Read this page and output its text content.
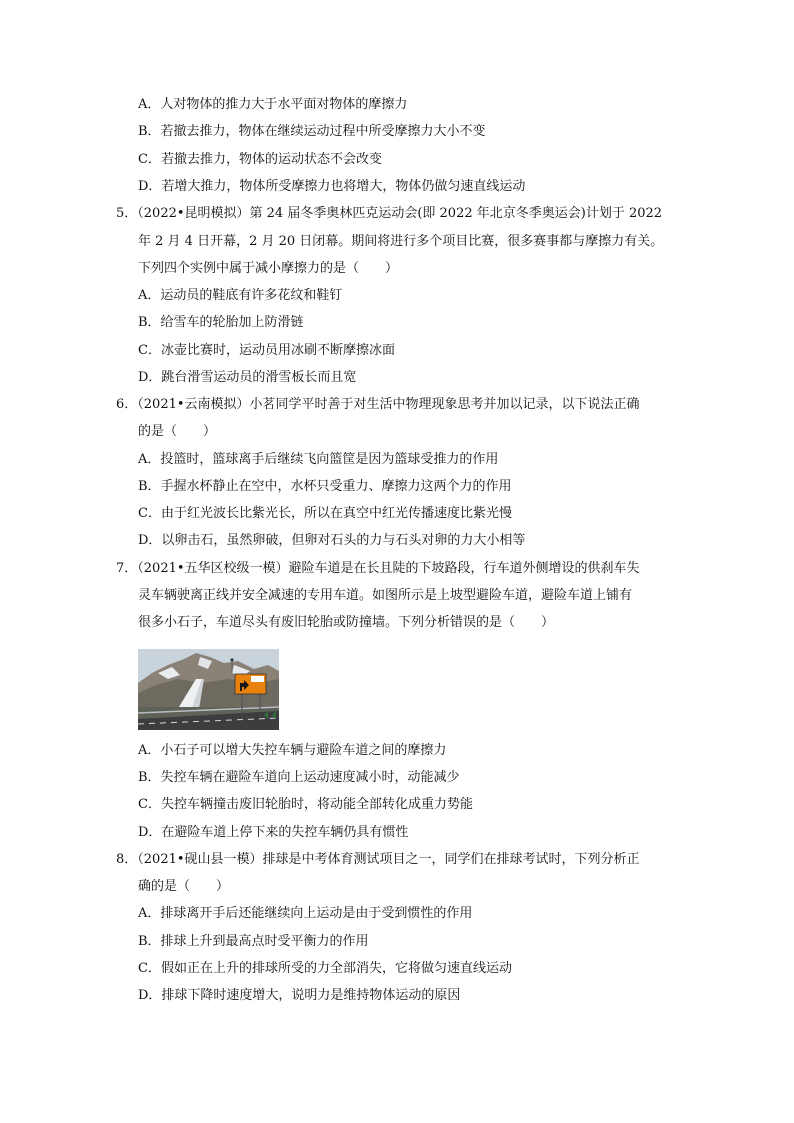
A．人对物体的推力大于水平面对物体的摩擦力
B．若撤去推力，物体在继续运动过程中所受摩擦力大小不变
C．若撤去推力，物体的运动状态不会改变
D．若增大推力，物体所受摩擦力也将增大，物体仍做匀速直线运动
5．（2022•昆明模拟）第 24 届冬季奥林匹克运动会(即 2022 年北京冬季奥运会)计划于 2022
年 2 月 4 日开幕，2 月 20 日闭幕。期间将进行多个项目比赛，很多赛事都与摩擦力有关。
下列四个实例中属于减小摩擦力的是（　　）
A．运动员的鞋底有许多花纹和鞋钉
B．给雪车的轮胎加上防滑链
C．冰壶比赛时，运动员用冰刷不断摩擦冰面
D．跳台滑雪运动员的滑雪板长而且宽
6．（2021•云南模拟）小茗同学平时善于对生活中物理现象思考并加以记录，以下说法正确
的是（　　）
A．投篮时，篮球离手后继续飞向篮筐是因为篮球受推力的作用
B．手握水杯静止在空中，水杯只受重力、摩擦力这两个力的作用
C．由于红光波长比紫光长，所以在真空中红光传播速度比紫光慢
D．以卵击石，虽然卵破，但卵对石头的力与石头对卵的力大小相等
7．（2021•五华区校级一模）避险车道是在长且陡的下坡路段，行车道外侧增设的供刹车失
灵车辆驶离正线并安全减速的专用车道。如图所示是上坡型避险车道，避险车道上铺有
很多小石子，车道尽头有废旧轮胎或防撞墙。下列分析错误的是（　　）
A．小石子可以增大失控车辆与避险车道之间的摩擦力
B．失控车辆在避险车道向上运动速度减小时，动能减少
C．失控车辆撞击废旧轮胎时，将动能全部转化成重力势能
D．在避险车道上停下来的失控车辆仍具有惯性
8．（2021•砚山县一模）排球是中考体育测试项目之一，同学们在排球考试时，下列分析正
确的是（　　）
A．排球离开手后还能继续向上运动是由于受到惯性的作用
B．排球上升到最高点时受平衡力的作用
C．假如正在上升的排球所受的力全部消失，它将做匀速直线运动
D．排球下降时速度增大，说明力是维持物体运动的原因
